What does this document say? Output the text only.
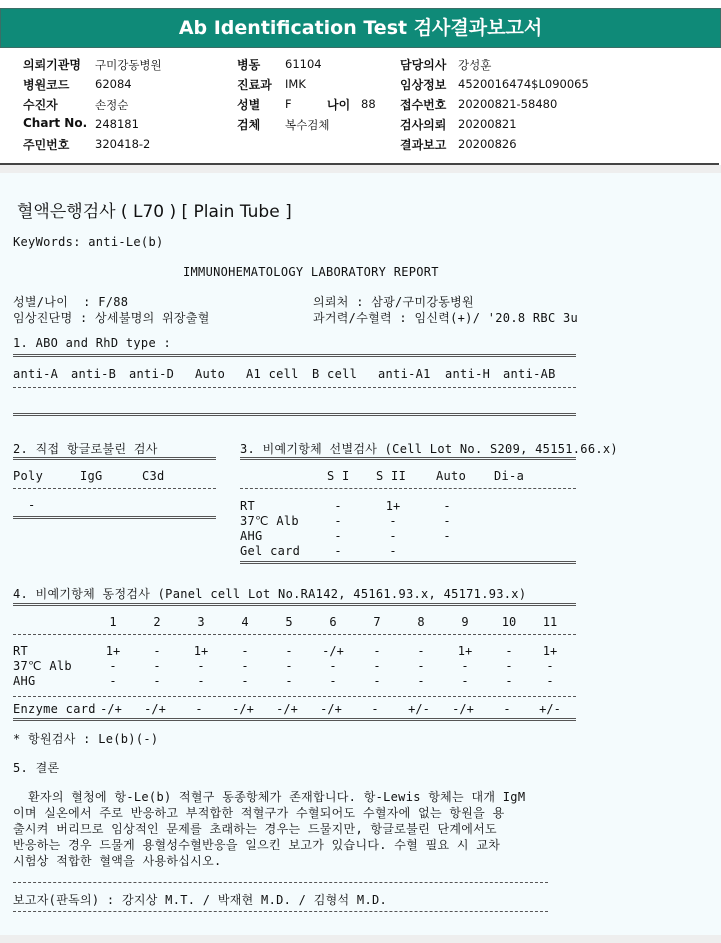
Ab Identification Test 검사결과보고서
의뢰기관명 구미강동병원
병원코드 62084
수진자	손정순
Chart No. 248181
주민번호 320418-2
병동 61104
진료과 IMK
성별 F	나이 88
검체 복수검체
담당의사 강성훈
임상정보 4520016474$L090065
접수번호 20200821-58480
검사의뢰 20200821
결과보고 20200826
혈액은행검사 ( L70 ) [ Plain Tube ]
KeyWords: anti-Le(b)
IMMUNOHEMATOLOGY LABORATORY REPORT
성별/나이  : F/88	의뢰처 : 삼광/구미강동병원
임상진단명 : 상세불명의 위장출혈	과거력/수혈력 : 임신력(+)/ '20.8 RBC 3u
1. ABO and RhD type :
anti-A anti-B anti-D Auto A1 cell B cell anti-A1 anti-H anti-AB
2. 직접 항글로불린 검사
Poly	IgG	C3d
-
3. 비예기항체 선별검사 (Cell Lot No. S209, 45151.66.x)
S I S II Auto Di-a
RT	-	1+	-
37℃ Alb	-	-	-
AHG	-	-	-
Gel card	-	-
4. 비예기항체 동정검사 (Panel cell Lot No.RA142, 45161.93.x, 45171.93.x)
1	2	3	4	5	6	7	8	9	10	11
RT	1+	-	1+	-	-	-/+	-	-	1+	-	1+
37℃ Alb	-	-	-	-	-	-	-	-	-	-	-
AHG	-	-	-	-	-	-	-	-	-	-	-
Enzyme card -/+	-/+	-	-/+	-/+	-/+	-	+/-	-/+	-	+/-
* 항원검사 : Le(b)(-)
5. 결론
환자의 혈청에 항-Le(b) 적혈구 동종항체가 존재합니다. 항-Lewis 항체는 대개 IgM
이며 실온에서 주로 반응하고 부적합한 적혈구가 수혈되어도 수혈자에 없는 항원을 용
출시켜 버리므로 임상적인 문제를 초래하는 경우는 드물지만, 항글로불린 단계에서도
반응하는 경우 드물게 용혈성수혈반응을 일으킨 보고가 있습니다. 수혈 필요 시 교차
시험상 적합한 혈액을 사용하십시오.
보고자(판독의) : 강지상 M.T. / 박재현 M.D. / 김형석 M.D.
